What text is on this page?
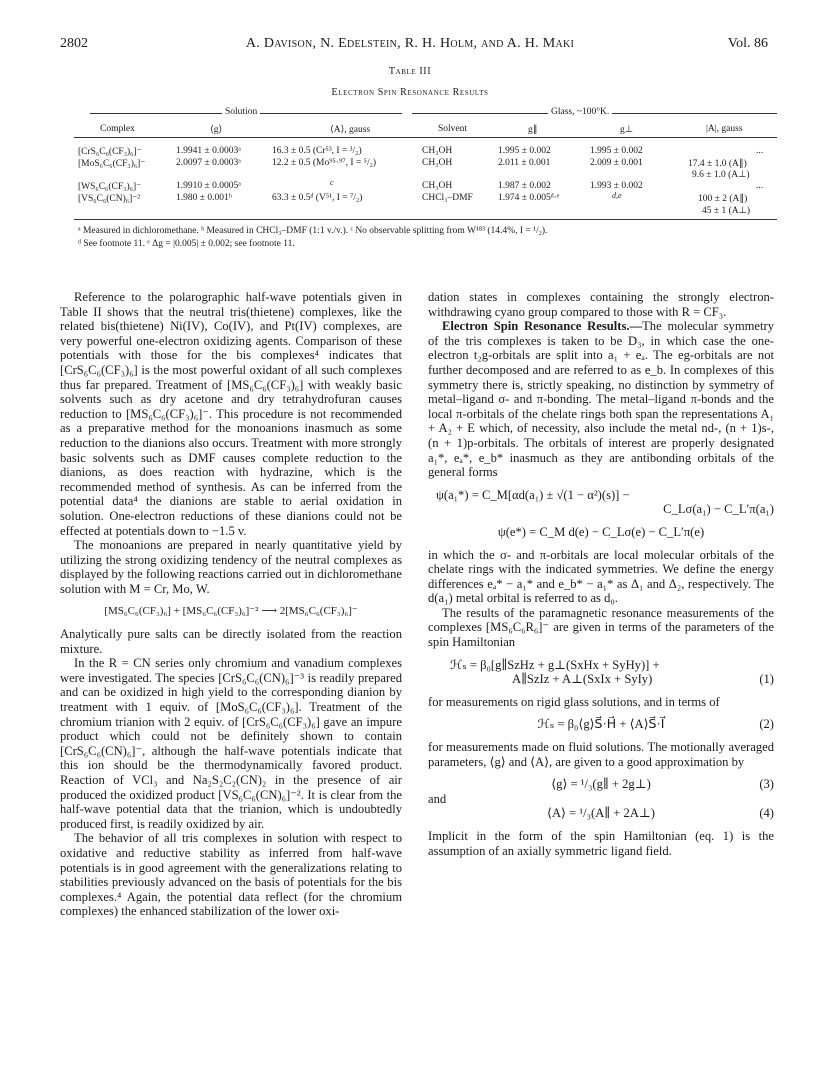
2802	A. Davison, N. Edelstein, R. H. Holm, and A. H. Maki	Vol. 86
Table III
Electron Spin Resonance Results
Solution	Glass, ~100°K.
Complex	⟨g⟩	⟨A⟩, gauss	Solvent	g∥	g⊥	|A|, gauss
[CrS₆C₆(CF₃)₆]⁻	1.9941 ± 0.0003ᵃ	16.3 ± 0.5 (Cr⁵³, I = ³/₂)	CH₃OH	1.995 ± 0.002	1.995 ± 0.002	...
[MoS₆C₆(CF₃)₆]⁻	2.0097 ± 0.0003ᵃ	12.2 ± 0.5 (Mo⁹⁵·⁹⁷, I = ⁵/₂)	CH₃OH	2.011 ± 0.001	2.009 ± 0.001	17.4 ± 1.0 (A∥)
9.6 ± 1.0 (A⊥)
[WS₆C₆(CF₃)₆]⁻	1.9910 ± 0.0005ᵃ	c	CH₃OH	1.987 ± 0.002	1.993 ± 0.002	...
[VS₆C₆(CN)₆]⁻²	1.980 ± 0.001ᵇ	63.3 ± 0.5ᵈ (V⁵¹, I = ⁷/₂)	CHCl₃–DMF	1.974 ± 0.005ᵈ·ᵉ	d,e	100 ± 2 (A∥)
45 ± 1 (A⊥)
ᵃ Measured in dichloromethane. ᵇ Measured in CHCl₃–DMF (1:1 v./v.). ᶜ No observable splitting from W¹⁸³ (14.4%, I = ¹/₂).
ᵈ See footnote 11. ᵉ Δg = |0.005| ± 0.002; see footnote 11.

Reference to the polarographic half-wave potentials given in Table II shows that the neutral tris(thietene) complexes, like the related bis(thietene) Ni(IV), Co(IV), and Pt(IV) complexes, are very powerful one-electron oxidizing agents. Comparison of these potentials with those for the bis complexes⁴ indicates that [CrS₆C₆(CF₃)₆] is the most powerful oxidant of all such complexes thus far prepared. Treatment of [MS₆C₆(CF₃)₆] with weakly basic solvents such as dry acetone and dry tetrahydrofuran causes reduction to [MS₆C₆(CF₃)₆]⁻. This procedure is not recommended as a preparative method for the monoanions inasmuch as some reduction to the dianions also occurs. Treatment with more strongly basic solvents such as DMF causes complete reduction to the dianions, as does reaction with hydrazine, which is the recommended method of synthesis. As can be inferred from the potential data⁴ the dianions are stable to aerial oxidation in solution. One-electron reductions of these dianions could not be effected at potentials down to −1.5 v.

The monoanions are prepared in nearly quantitative yield by utilizing the strong oxidizing tendency of the neutral complexes as displayed by the following reactions carried out in dichloromethane solution with M = Cr, Mo, W.

[MS₆C₆(CF₃)₆] + [MS₆C₆(CF₃)₆]⁻² ⟶ 2[MS₆C₆(CF₃)₆]⁻

Analytically pure salts can be directly isolated from the reaction mixture.

In the R = CN series only chromium and vanadium complexes were investigated. The species [CrS₆C₆(CN)₆]⁻³ is readily prepared and can be oxidized in high yield to the corresponding dianion by treatment with 1 equiv. of [MoS₆C₆(CF₃)₆]. Treatment of the chromium trianion with 2 equiv. of [CrS₆C₆(CF₃)₆] gave an impure product which could not be definitely shown to contain [CrS₆C₆(CN)₆]⁻, although the half-wave potentials indicate that this ion should be the thermodynamically favored product. Reaction of VCl₃ and Na₂S₂C₂(CN)₂ in the presence of air produced the oxidized product [VS₆C₆(CN)₆]⁻². It is clear from the half-wave potential data that the trianion, which is undoubtedly produced first, is readily oxidized by air.

The behavior of all tris complexes in solution with respect to oxidative and reductive stability as inferred from half-wave potentials is in good agreement with the generalizations relating to stabilities previously advanced on the basis of potentials for the bis complexes.⁴ Again, the potential data reflect (for the chromium complexes) the enhanced stabilization of the lower oxi-

dation states in complexes containing the strongly electron-withdrawing cyano group compared to those with R = CF₃.

Electron Spin Resonance Results.—The molecular symmetry of the tris complexes is taken to be D₃, in which case the one-electron t₂g-orbitals are split into a₁ + eₐ. The eg-orbitals are not further decomposed and are referred to as e_b. In complexes of this symmetry there is, strictly speaking, no distinction by symmetry of metal–ligand σ- and π-bonding. The metal–ligand π-bonds and the local π-orbitals of the chelate rings both span the representations A₁ + A₂ + E which, of necessity, also include the metal nd-, (n + 1)s-, (n + 1)p-orbitals. The orbitals of interest are properly designated a₁*, eₐ*, e_b* inasmuch as they are antibonding orbitals of the general forms

ψ(a₁*) = C_M[αd(a₁) ± √(1 − α²)(s)] −

C_Lσ(a₁) − C_L′π(a₁)

ψ(e*) = C_M d(e) − C_Lσ(e) − C_L′π(e)

in which the σ- and π-orbitals are local molecular orbitals of the chelate rings with the indicated symmetries. We define the energy differences eₐ* − a₁* and e_b* − a₁* as Δ₁ and Δ₂, respectively. The d(a₁) metal orbital is referred to as d₀.

The results of the paramagnetic resonance measurements of the complexes [MS₆C₆R₆]⁻ are given in terms of the parameters of the spin Hamiltonian

ℋₛ = β₀[g∥SzHz + g⊥(SxHx + SyHy)] +

A∥SzIz + A⊥(SxIx + SyIy)	(1)

for measurements on rigid glass solutions, and in terms of

ℋₛ = β₀⟨g⟩S⃗·H⃗ + ⟨A⟩S⃗·I⃗	(2)

for measurements made on fluid solutions. The motionally averaged parameters, ⟨g⟩ and ⟨A⟩, are given to a good approximation by

⟨g⟩ = ¹/₃(g∥ + 2g⊥)	(3)

and

⟨A⟩ = ¹/₃(A∥ + 2A⊥)	(4)

Implicit in the form of the spin Hamiltonian (eq. 1) is the assumption of an axially symmetric ligand field.
